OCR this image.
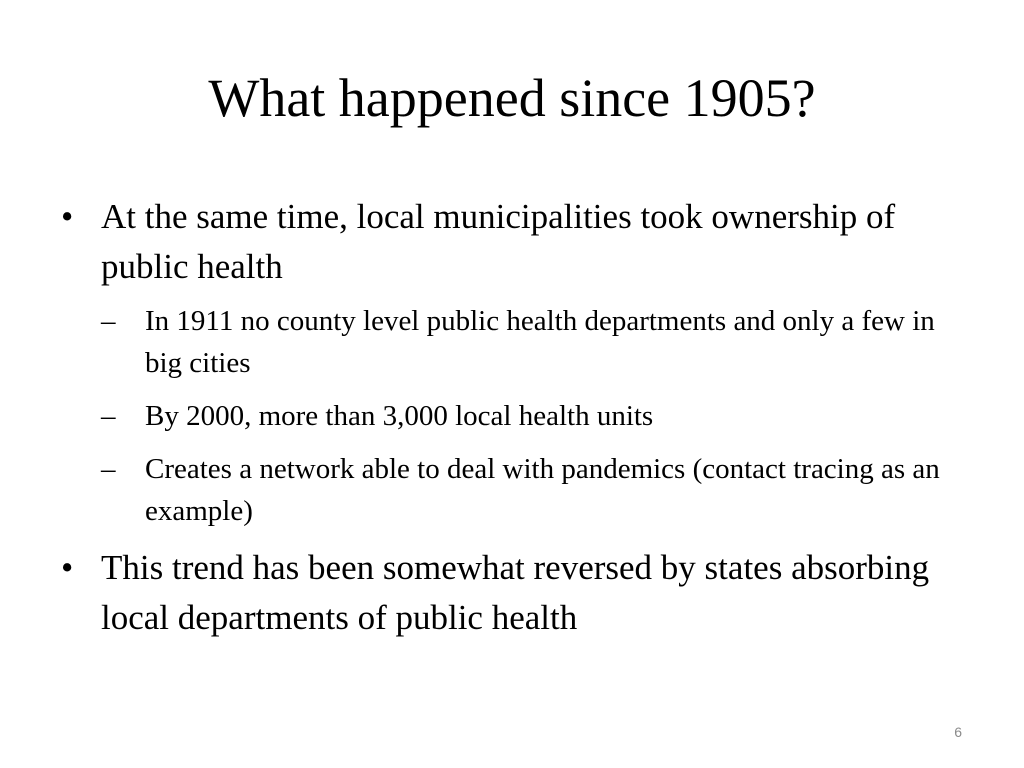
What happened since 1905?
• At the same time, local municipalities took ownership of public health
– In 1911 no county level public health departments and only a few in big cities
– By 2000, more than 3,000 local health units
– Creates a network able to deal with pandemics (contact tracing as an example)
• This trend has been somewhat reversed by states absorbing local departments of public health
6
